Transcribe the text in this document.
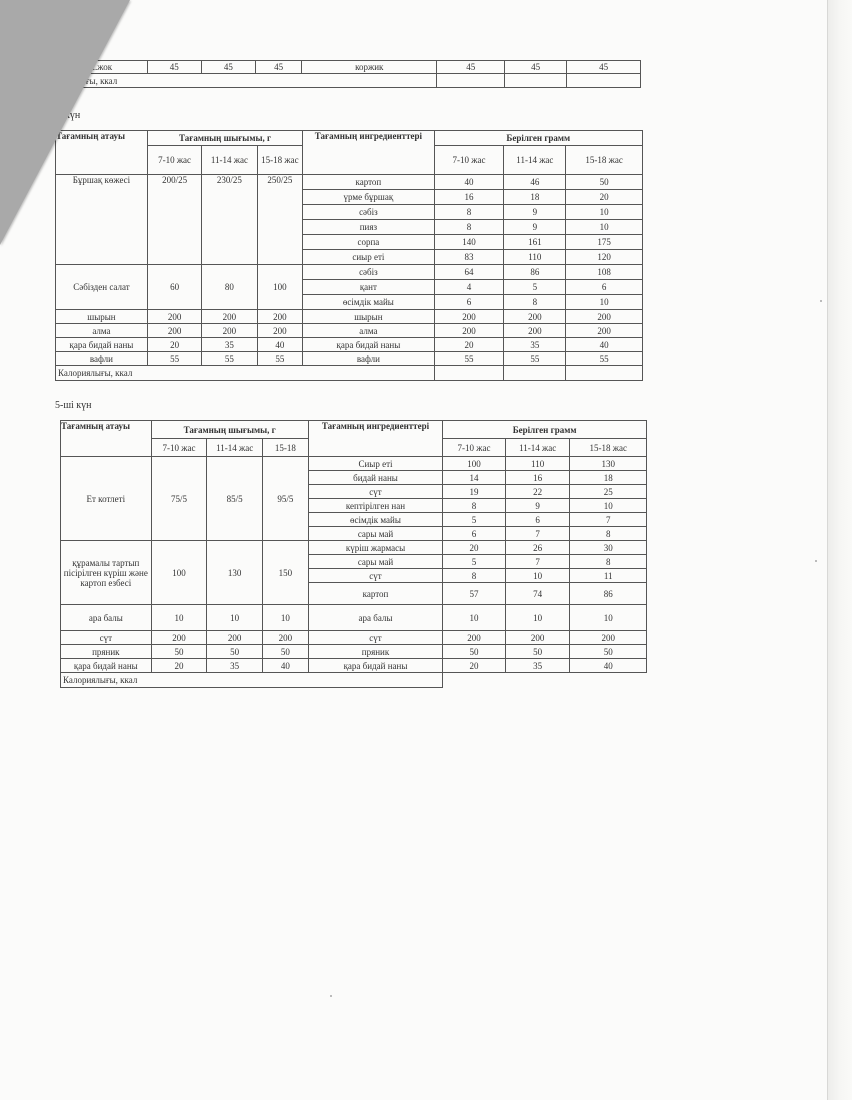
...жок	45	45	45	коржик	45	45	45
...лылығы, ккал							
... күн
Тағамның атауы	Тағамның шығымы, г			Тағамның ингредиенттері	Берілген грамм		
	7-10 жас	11-14 жас	15-18 жас		7-10 жас	11-14 жас	15-18 жас

Бұршақ көжесі	200/25	230/25	250/25	картоп	40	46	50
				үрме бұршақ	16	18	20
				сәбіз	8	9	10
				пияз	8	9	10
				сорпа	140	161	175
				сиыр еті	83	110	120
Сәбізден салат	60	80	100	сәбіз	64	86	108
				қант	4	5	6
				өсімдік майы	6	8	10
шырын	200	200	200	шырын	200	200	200
алма	200	200	200	алма	200	200	200
қара бидай наны	20	35	40	қара бидай наны	20	35	40
вафли	55	55	55	вафли	55	55	55
Калориялығы, ккал							
5-ші күн
Тағамның атауы	Тағамның шығымы, г			Тағамның ингредиенттері	Берілген грамм		
	7-10 жас	11-14 жас	15-18		7-10 жас	11-14 жас	15-18 жас
Ет котлеті	75/5	85/5	95/5	Сиыр еті	100	110	130
				бидай наны	14	16	18
				сүт	19	22	25
				кептірілген нан	8	9	10
				өсімдік майы	5	6	7
				сары май	6	7	8
құрамалы тартып пісірілген күріш және картоп езбесі	100	130	150	күріш жармасы	20	26	30
				сары май	5	7	8
				сүт	8	10	11
				картоп	57	74	86
ара балы	10	10	10	ара балы	10	10	10
сүт	200	200	200	сүт	200	200	200
пряник	50	50	50	пряник	50	50	50
қара бидай наны	20	35	40	қара бидай наны	20	35	40
Калориялығы, ккал							
